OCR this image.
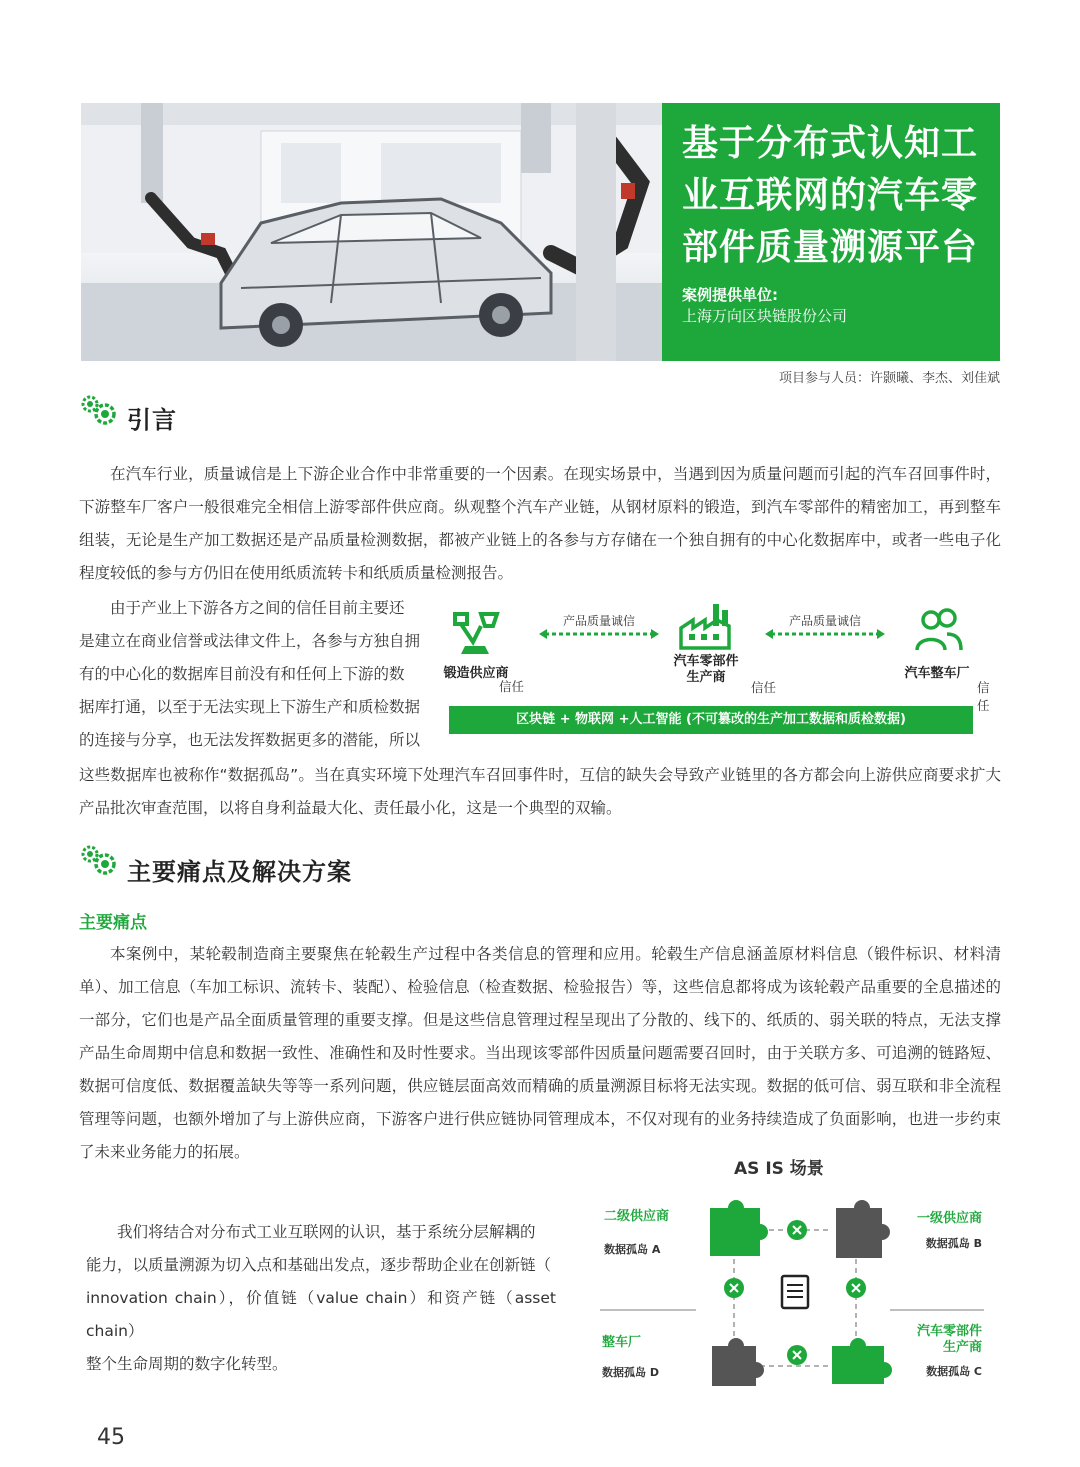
基于分布式认知工
业互联网的汽车零
部件质量溯源平台
案例提供单位:
上海万向区块链股份公司
项目参与人员：许颢曦、李杰、刘佳斌
引言
在汽车行业，质量诚信是上下游企业合作中非常重要的一个因素。在现实场景中，当遇到因为质量问题而引起的汽车召回事件时，下游整车厂客户一般很难完全相信上游零部件供应商。纵观整个汽车产业链，从钢材原料的锻造，到汽车零部件的精密加工，再到整车组装，无论是生产加工数据还是产品质量检测数据，都被产业链上的各参与方存储在一个独自拥有的中心化数据库中，或者一些电子化程度较低的参与方仍旧在使用纸质流转卡和纸质质量检测报告。
由于产业上下游各方之间的信任目前主要还
是建立在商业信誉或法律文件上，各参与方独自拥
有的中心化的数据库目前没有和任何上下游的数
据库打通，以至于无法实现上下游生产和质检数据
的连接与分享，也无法发挥数据更多的潜能，所以
这些数据库也被称作“数据孤岛”。当在真实环境下处理汽车召回事件时，互信的缺失会导致产业链里的各方都会向上游供应商要求扩大产品批次审查范围，以将自身利益最大化、责任最小化，这是一个典型的双输。
产品质量诚信	产品质量诚信
锻造供应商
汽车零部件
生产商	汽车整车厂
信任	信任	信任
区块链 + 物联网 +人工智能 (不可篡改的生产加工数据和质检数据)
主要痛点及解决方案
主要痛点
本案例中，某轮毂制造商主要聚焦在轮毂生产过程中各类信息的管理和应用。轮毂生产信息涵盖原材料信息（锻件标识、材料清单）、加工信息（车加工标识、流转卡、装配）、检验信息（检查数据、检验报告）等，这些信息都将成为该轮毂产品重要的全息描述的一部分，它们也是产品全面质量管理的重要支撑。但是这些信息管理过程呈现出了分散的、线下的、纸质的、弱关联的特点，无法支撑产品生命周期中信息和数据一致性、准确性和及时性要求。当出现该零部件因质量问题需要召回时，由于关联方多、可追溯的链路短、数据可信度低、数据覆盖缺失等等一系列问题，供应链层面高效而精确的质量溯源目标将无法实现。数据的低可信、弱互联和非全流程管理等问题，也额外增加了与上游供应商，下游客户进行供应链协同管理成本，不仅对现有的业务持续造成了负面影响，也进一步约束了未来业务能力的拓展。
我们将结合对分布式工业互联网的认识，基于系统分层解耦的
能力，以质量溯源为切入点和基础出发点，逐步帮助企业在创新链（
innovation chain），价值链（value chain）和资产链（asset chain）
整个生命周期的数字化转型。
AS IS 场景
二级供应商
数据孤岛 A
一级供应商
数据孤岛 B
整车厂
数据孤岛 D
汽车零部件
生产商
数据孤岛 C
45
